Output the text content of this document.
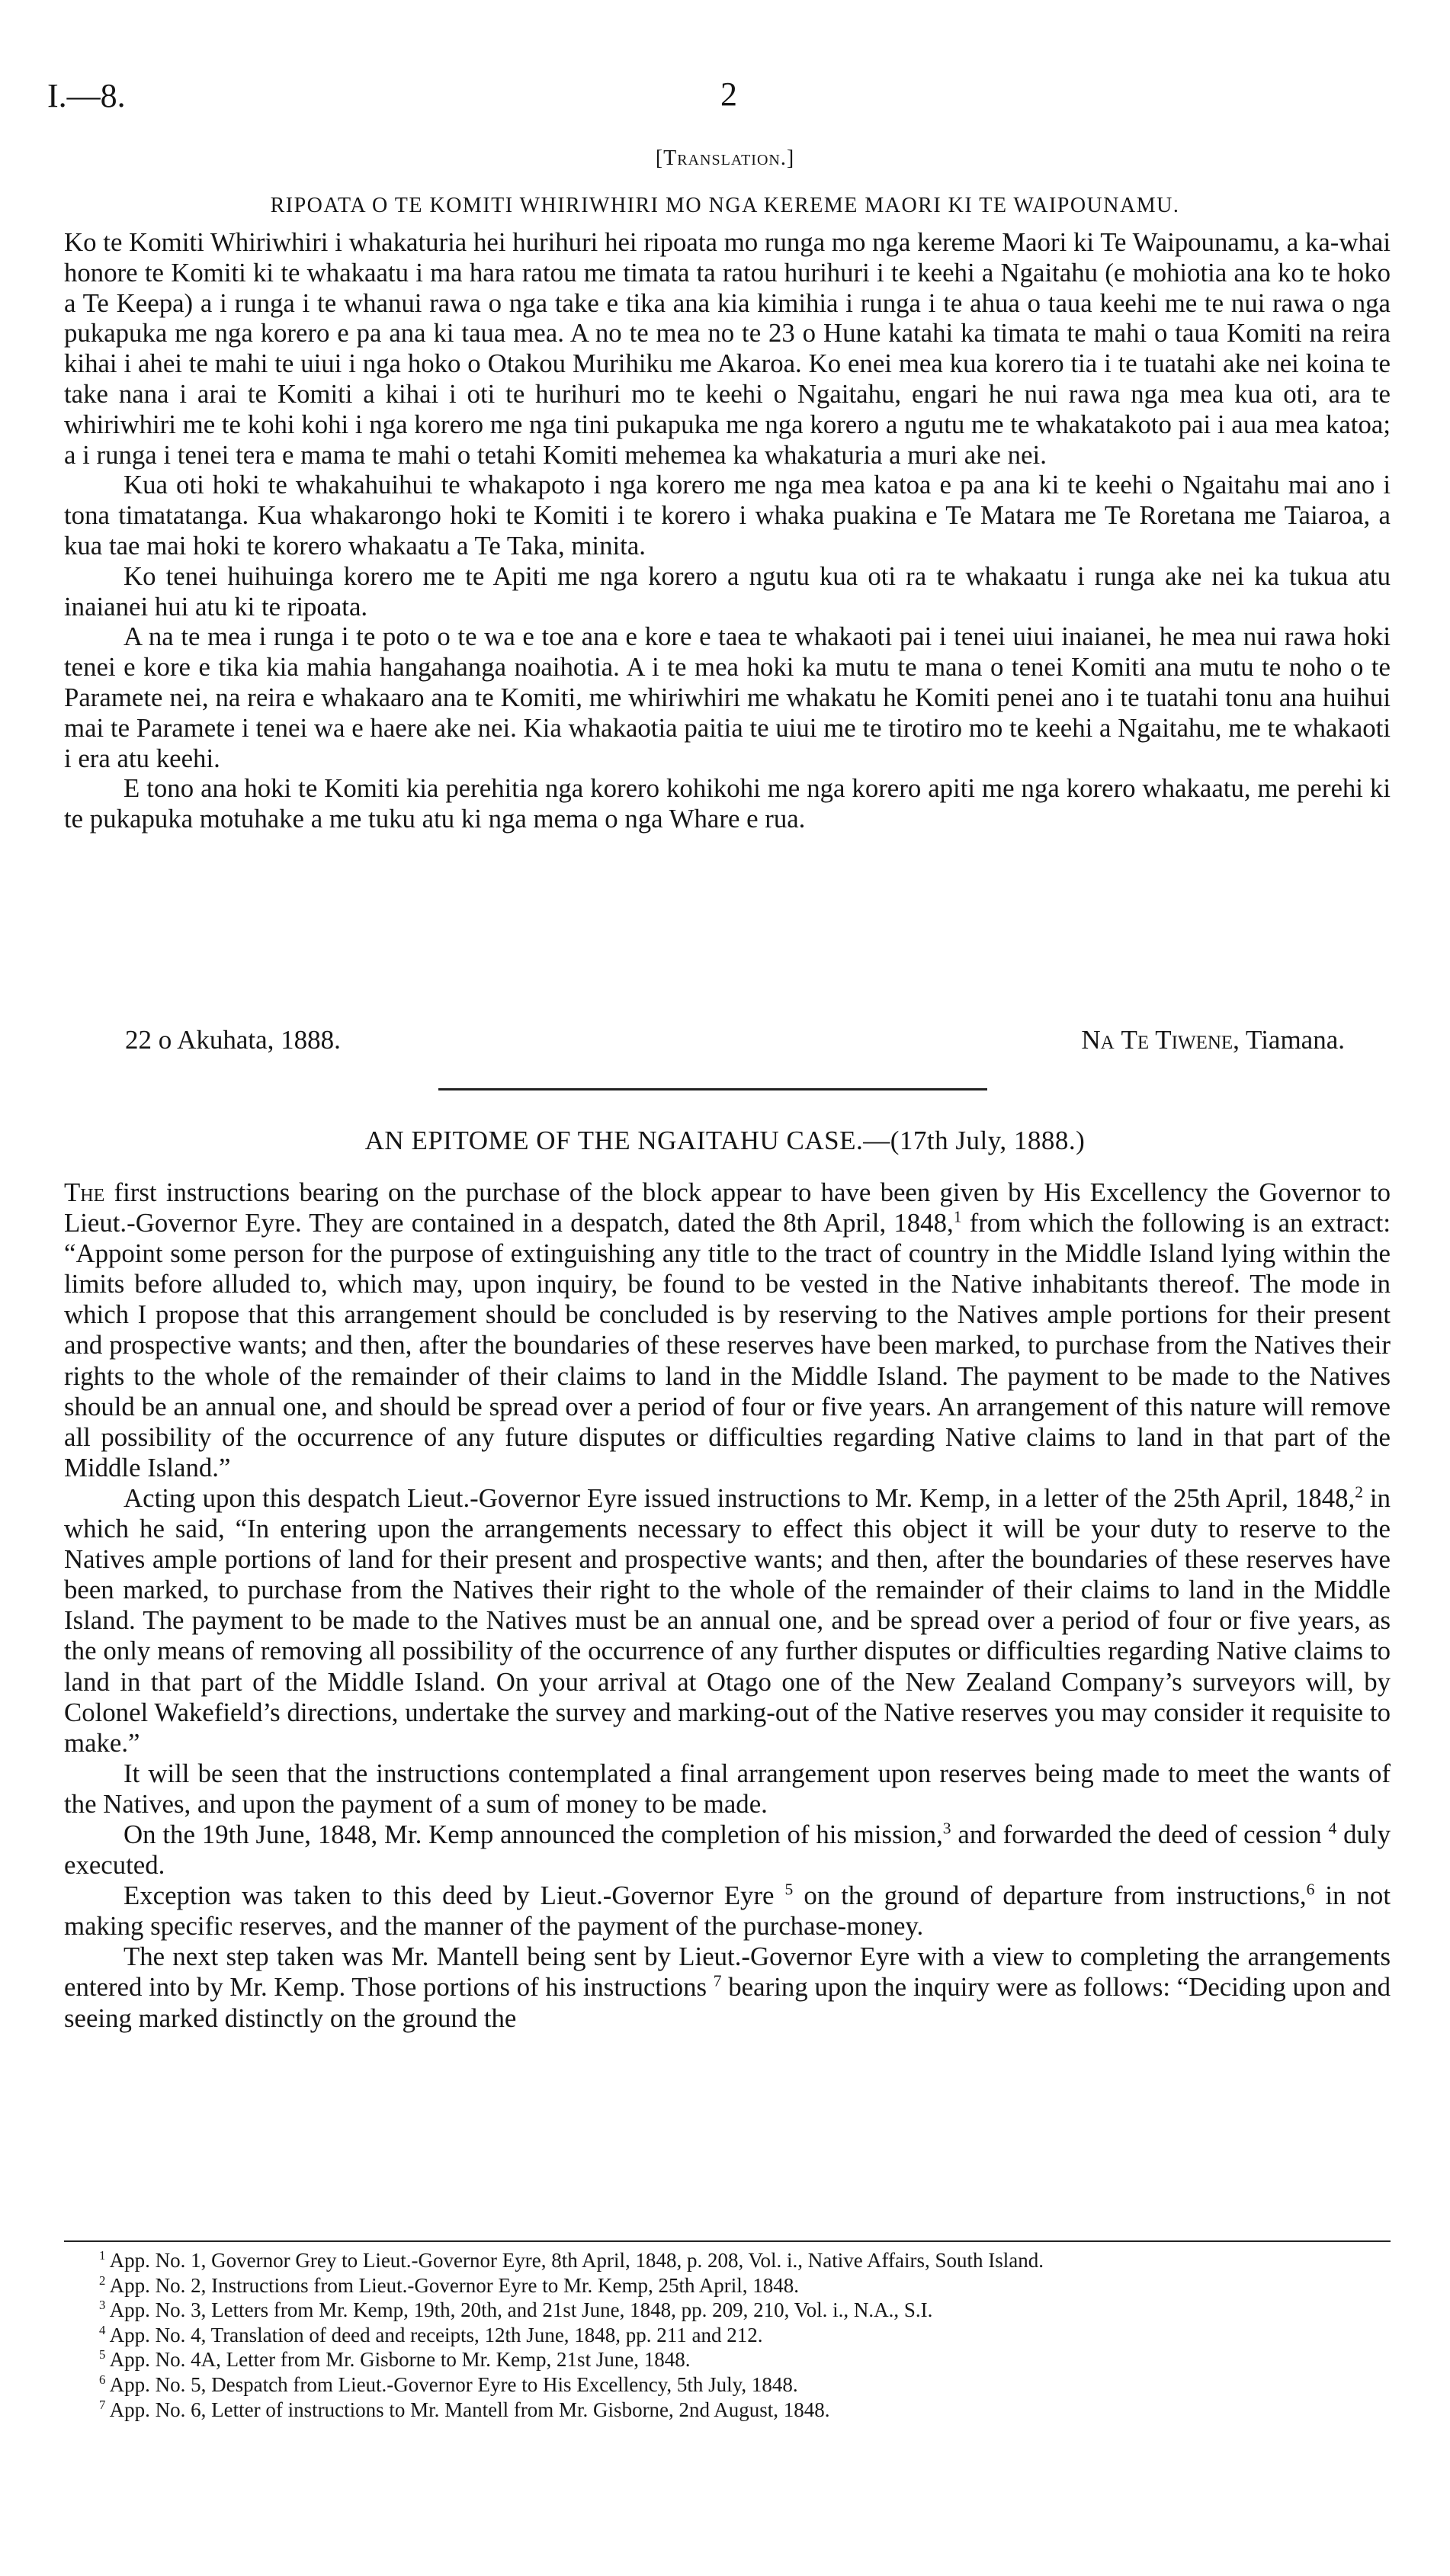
I.—8.	2
[Translation.]
RIPOATA O TE KOMITI WHIRIWHIRI MO NGA KEREME MAORI KI TE WAIPOUNAMU.

Ko te Komiti Whiriwhiri i whakaturia hei hurihuri hei ripoata mo runga mo nga kereme Maori ki Te Waipounamu, a ka-whai honore te Komiti ki te whakaatu i ma hara ratou me timata ta ratou hurihuri i te keehi a Ngaitahu (e mohiotia ana ko te hoko a Te Keepa) a i runga i te whanui rawa o nga take e tika ana kia kimihia i runga i te ahua o taua keehi me te nui rawa o nga pukapuka me nga korero e pa ana ki taua mea. A no te mea no te 23 o Hune katahi ka timata te mahi o taua Komiti na reira kihai i ahei te mahi te uiui i nga hoko o Otakou Murihiku me Akaroa. Ko enei mea kua korero tia i te tuatahi ake nei koina te take nana i arai te Komiti a kihai i oti te hurihuri mo te keehi o Ngaitahu, engari he nui rawa nga mea kua oti, ara te whiriwhiri me te kohi kohi i nga korero me nga tini pukapuka me nga korero a ngutu me te whakatakoto pai i aua mea katoa; a i runga i tenei tera e mama te mahi o tetahi Komiti mehemea ka whakaturia a muri ake nei.

Kua oti hoki te whakahuihui te whakapoto i nga korero me nga mea katoa e pa ana ki te keehi o Ngaitahu mai ano i tona timatatanga. Kua whakarongo hoki te Komiti i te korero i whaka puakina e Te Matara me Te Roretana me Taiaroa, a kua tae mai hoki te korero whakaatu a Te Taka, minita.

Ko tenei huihuinga korero me te Apiti me nga korero a ngutu kua oti ra te whakaatu i runga ake nei ka tukua atu inaianei hui atu ki te ripoata.

A na te mea i runga i te poto o te wa e toe ana e kore e taea te whakaoti pai i tenei uiui inaianei, he mea nui rawa hoki tenei e kore e tika kia mahia hangahanga noaihotia. A i te mea hoki ka mutu te mana o tenei Komiti ana mutu te noho o te Paramete nei, na reira e whakaaro ana te Komiti, me whiriwhiri me whakatu he Komiti penei ano i te tuatahi tonu ana huihui mai te Paramete i tenei wa e haere ake nei. Kia whakaotia paitia te uiui me te tirotiro mo te keehi a Ngaitahu, me te whakaoti i era atu keehi.

E tono ana hoki te Komiti kia perehitia nga korero kohikohi me nga korero apiti me nga korero whakaatu, me perehi ki te pukapuka motuhake a me tuku atu ki nga mema o nga Whare e rua.

22 o Akuhata, 1888.	Na Te Tiwene, Tiamana.
AN EPITOME OF THE NGAITAHU CASE.—(17th July, 1888.)

The first instructions bearing on the purchase of the block appear to have been given by His Excellency the Governor to Lieut.-Governor Eyre. They are contained in a despatch, dated the 8th April, 1848,$^1$ from which the following is an extract: “Appoint some person for the purpose of extinguishing any title to the tract of country in the Middle Island lying within the limits before alluded to, which may, upon inquiry, be found to be vested in the Native inhabitants thereof. The mode in which I propose that this arrangement should be concluded is by reserving to the Natives ample portions for their present and prospective wants; and then, after the boundaries of these reserves have been marked, to purchase from the Natives their rights to the whole of the remainder of their claims to land in the Middle Island. The payment to be made to the Natives should be an annual one, and should be spread over a period of four or five years. An arrangement of this nature will remove all possibility of the occurrence of any future disputes or difficulties regarding Native claims to land in that part of the Middle Island.”

Acting upon this despatch Lieut.-Governor Eyre issued instructions to Mr. Kemp, in a letter of the 25th April, 1848,$^2$ in which he said, “In entering upon the arrangements necessary to effect this object it will be your duty to reserve to the Natives ample portions of land for their present and prospective wants; and then, after the boundaries of these reserves have been marked, to purchase from the Natives their right to the whole of the remainder of their claims to land in the Middle Island. The payment to be made to the Natives must be an annual one, and be spread over a period of four or five years, as the only means of removing all possibility of the occurrence of any further disputes or difficulties regarding Native claims to land in that part of the Middle Island. On your arrival at Otago one of the New Zealand Company’s surveyors will, by Colonel Wakefield’s directions, undertake the survey and marking-out of the Native reserves you may consider it requisite to make.”

It will be seen that the instructions contemplated a final arrangement upon reserves being made to meet the wants of the Natives, and upon the payment of a sum of money to be made.

On the 19th June, 1848, Mr. Kemp announced the completion of his mission,$^3$ and forwarded the deed of cession $^4$ duly executed.

Exception was taken to this deed by Lieut.-Governor Eyre $^5$ on the ground of departure from instructions,$^6$ in not making specific reserves, and the manner of the payment of the purchase-money.

The next step taken was Mr. Mantell being sent by Lieut.-Governor Eyre with a view to completing the arrangements entered into by Mr. Kemp. Those portions of his instructions $^7$ bearing upon the inquiry were as follows: “Deciding upon and seeing marked distinctly on the ground the

$^1$ App. No. 1, Governor Grey to Lieut.-Governor Eyre, 8th April, 1848, p. 208, Vol. i., Native Affairs, South Island.
$^2$ App. No. 2, Instructions from Lieut.-Governor Eyre to Mr. Kemp, 25th April, 1848.
$^3$ App. No. 3, Letters from Mr. Kemp, 19th, 20th, and 21st June, 1848, pp. 209, 210, Vol. i., N.A., S.I.
$^4$ App. No. 4, Translation of deed and receipts, 12th June, 1848, pp. 211 and 212.
$^5$ App. No. 4A, Letter from Mr. Gisborne to Mr. Kemp, 21st June, 1848.
$^6$ App. No. 5, Despatch from Lieut.-Governor Eyre to His Excellency, 5th July, 1848.
$^7$ App. No. 6, Letter of instructions to Mr. Mantell from Mr. Gisborne, 2nd August, 1848.
